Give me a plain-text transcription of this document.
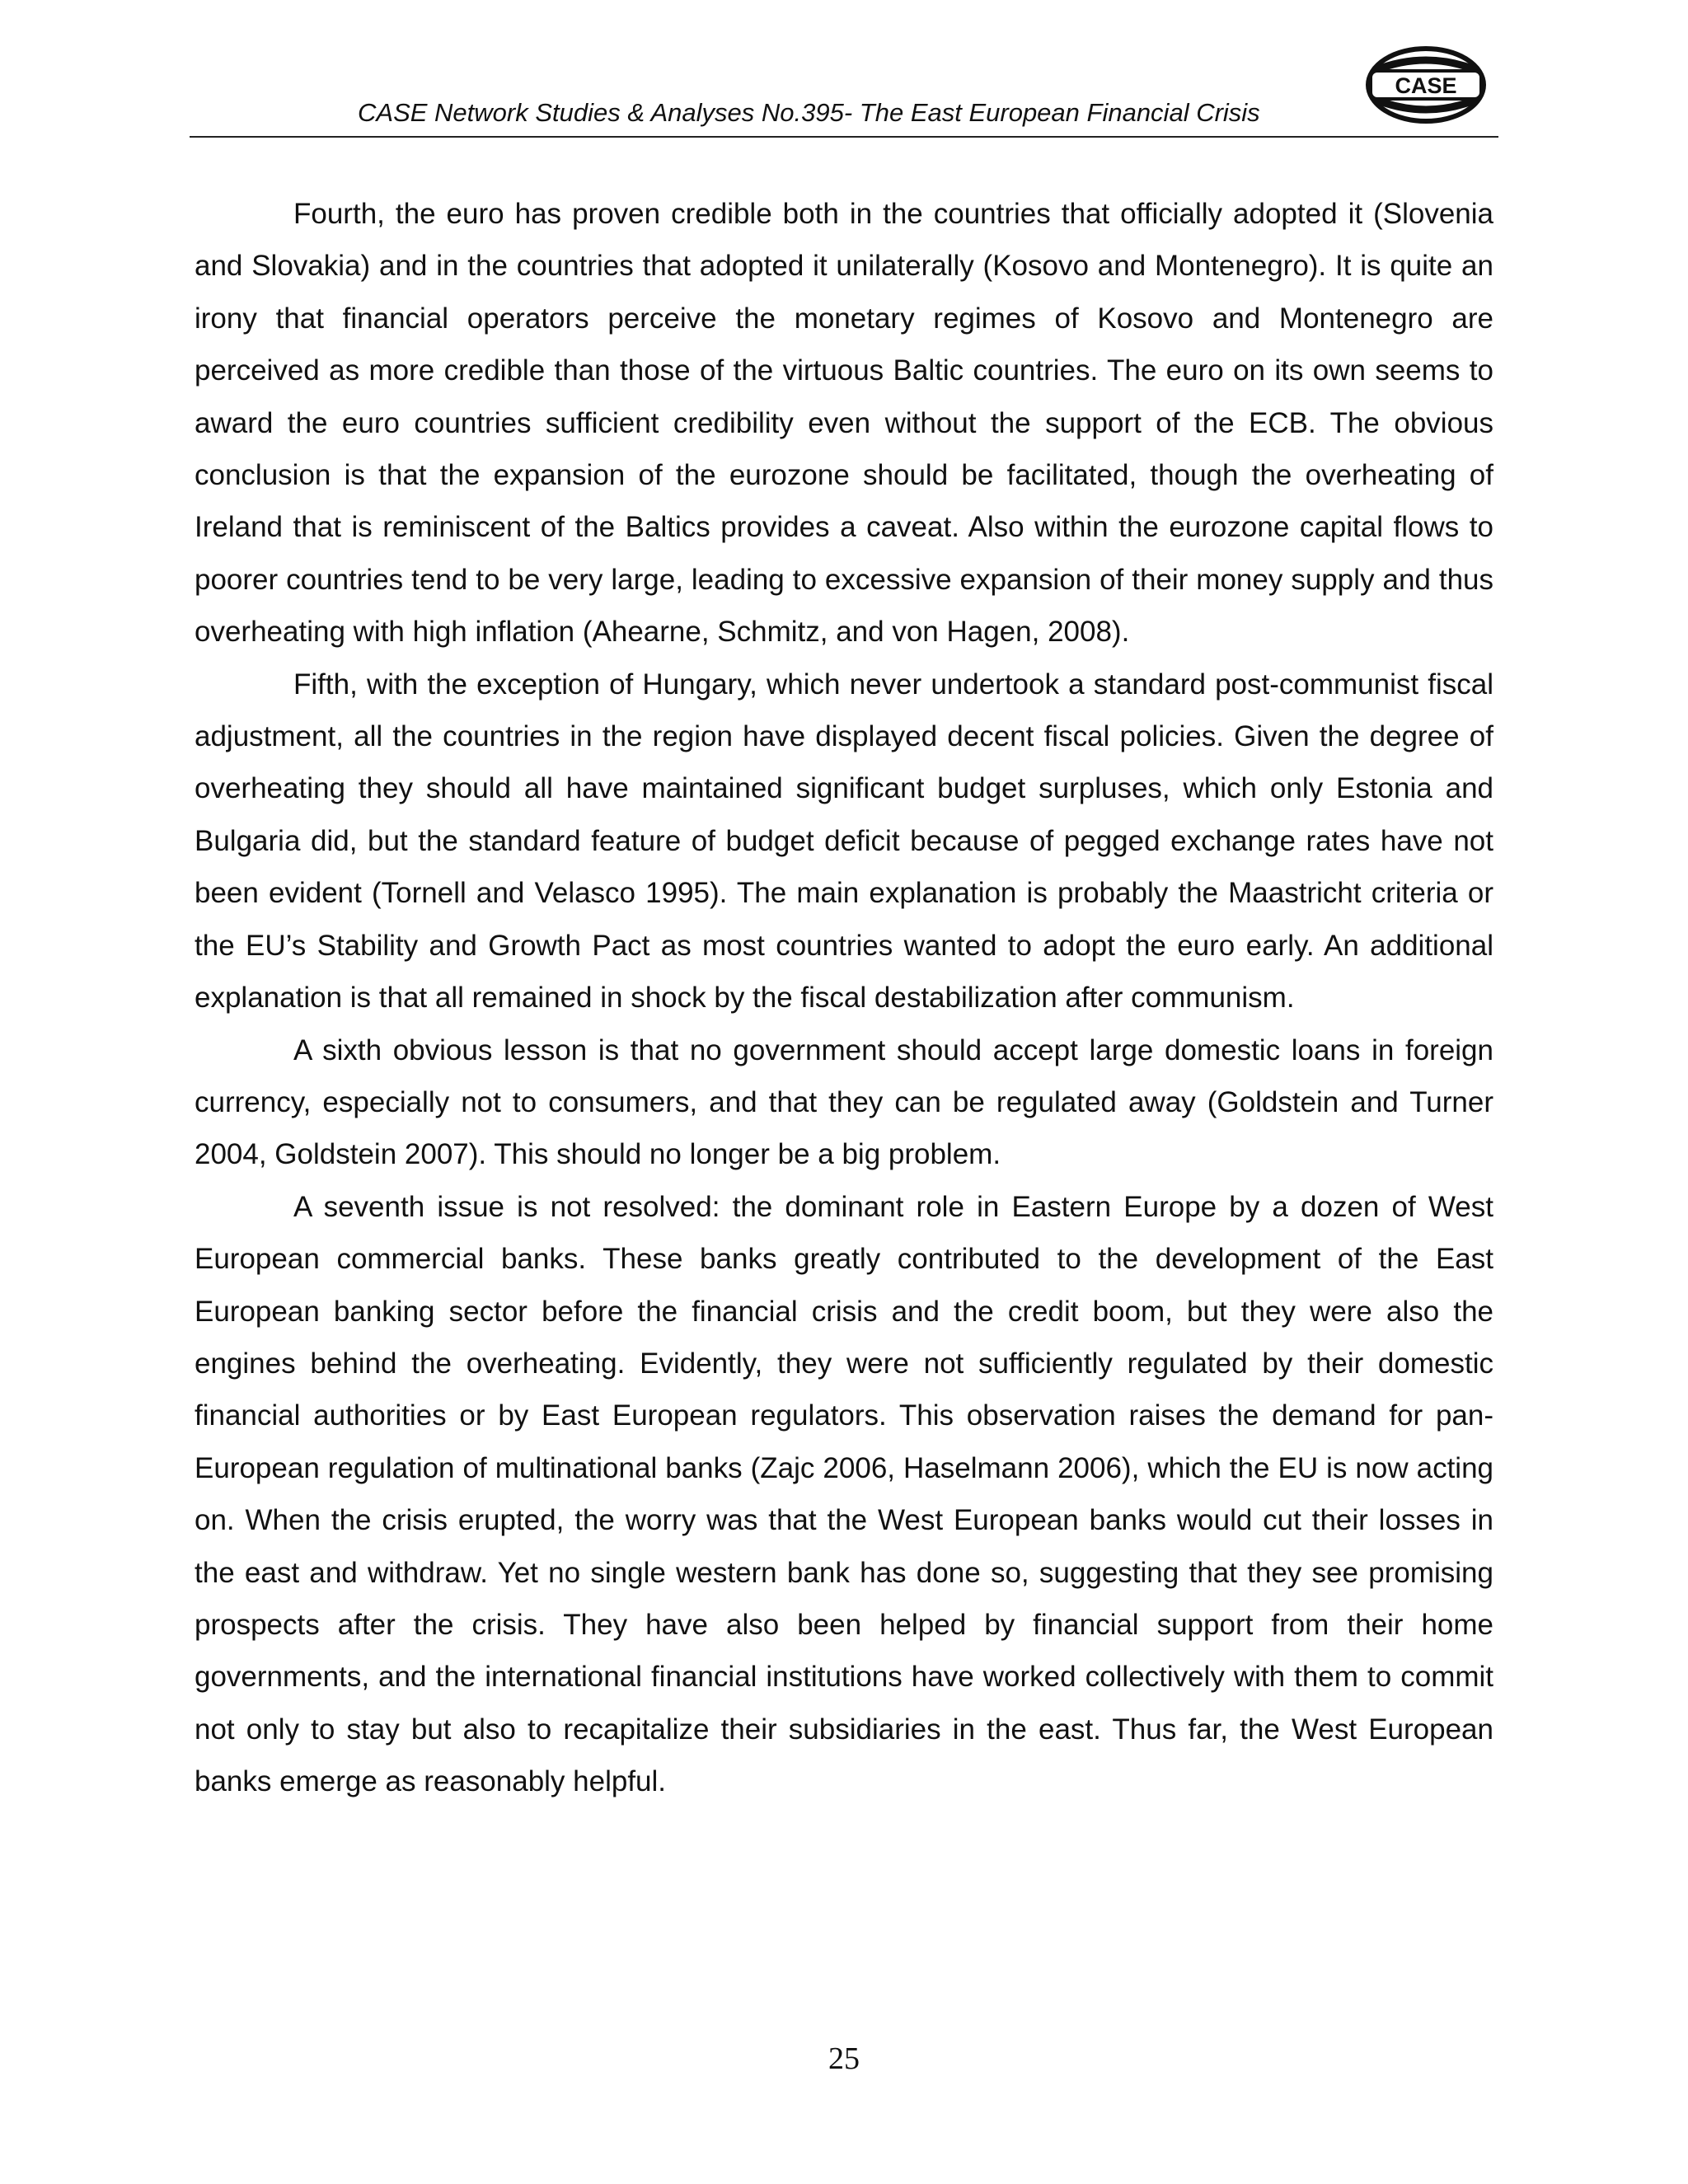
CASE Network Studies & Analyses No.395- The East European Financial Crisis
CASE

Fourth, the euro has proven credible both in the countries that officially adopted it (Slovenia and Slovakia) and in the countries that adopted it unilaterally (Kosovo and Montenegro). It is quite an irony that financial operators perceive the monetary regimes of Kosovo and Montenegro are perceived as more credible than those of the virtuous Baltic countries. The euro on its own seems to award the euro countries sufficient credibility even without the support of the ECB. The obvious conclusion is that the expansion of the eurozone should be facilitated, though the overheating of Ireland that is reminiscent of the Baltics provides a caveat. Also within the eurozone capital flows to poorer countries tend to be very large, leading to excessive expansion of their money supply and thus overheating with high inflation (Ahearne, Schmitz, and von Hagen, 2008).

Fifth, with the exception of Hungary, which never undertook a standard post-communist fiscal adjustment, all the countries in the region have displayed decent fiscal policies. Given the degree of overheating they should all have maintained significant budget surpluses, which only Estonia and Bulgaria did, but the standard feature of budget deficit because of pegged exchange rates have not been evident (Tornell and Velasco 1995). The main explanation is probably the Maastricht criteria or the EU’s Stability and Growth Pact as most countries wanted to adopt the euro early. An additional explanation is that all remained in shock by the fiscal destabilization after communism.

A sixth obvious lesson is that no government should accept large domestic loans in foreign currency, especially not to consumers, and that they can be regulated away (Goldstein and Turner 2004, Goldstein 2007). This should no longer be a big problem.

A seventh issue is not resolved: the dominant role in Eastern Europe by a dozen of West European commercial banks. These banks greatly contributed to the development of the East European banking sector before the financial crisis and the credit boom, but they were also the engines behind the overheating. Evidently, they were not sufficiently regulated by their domestic financial authorities or by East European regulators. This observation raises the demand for pan-European regulation of multinational banks (Zajc 2006, Haselmann 2006), which the EU is now acting on. When the crisis erupted, the worry was that the West European banks would cut their losses in the east and withdraw. Yet no single western bank has done so, suggesting that they see promising prospects after the crisis. They have also been helped by financial support from their home governments, and the international financial institutions have worked collectively with them to commit not only to stay but also to recapitalize their subsidiaries in the east. Thus far, the West European banks emerge as reasonably helpful.

25
